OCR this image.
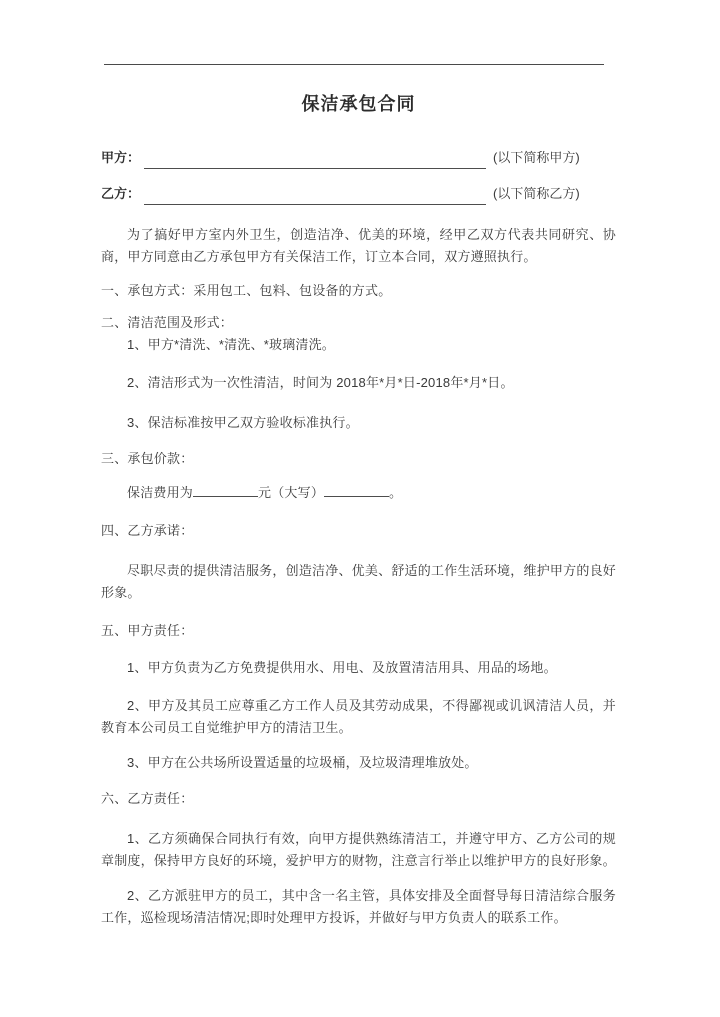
保洁承包合同
甲方：	(以下简称甲方)
乙方：	(以下简称乙方)

为了搞好甲方室内外卫生，创造洁净、优美的环境，经甲乙双方代表共同研究、协商，甲方同意由乙方承包甲方有关保洁工作，订立本合同，双方遵照执行。

一、承包方式：采用包工、包料、包设备的方式。

二、清洁范围及形式：

1、甲方*清洗、*清洗、*玻璃清洗。

2、清洁形式为一次性清洁，时间为 2018年*月*日-2018年*月*日。

3、保洁标准按甲乙双方验收标准执行。

三、承包价款：

保洁费用为	元（大写）	。

四、乙方承诺：

尽职尽责的提供清洁服务，创造洁净、优美、舒适的工作生活环境，维护甲方的良好形象。

五、甲方责任：

1、甲方负责为乙方免费提供用水、用电、及放置清洁用具、用品的场地。

2、甲方及其员工应尊重乙方工作人员及其劳动成果，不得鄙视或讥讽清洁人员，并教育本公司员工自觉维护甲方的清洁卫生。

3、甲方在公共场所设置适量的垃圾桶，及垃圾清理堆放处。

六、乙方责任：

1、乙方须确保合同执行有效，向甲方提供熟练清洁工，并遵守甲方、乙方公司的规章制度，保持甲方良好的环境，爱护甲方的财物，注意言行举止以维护甲方的良好形象。

2、乙方派驻甲方的员工，其中含一名主管，具体安排及全面督导每日清洁综合服务工作，巡检现场清洁情况;即时处理甲方投诉，并做好与甲方负责人的联系工作。
